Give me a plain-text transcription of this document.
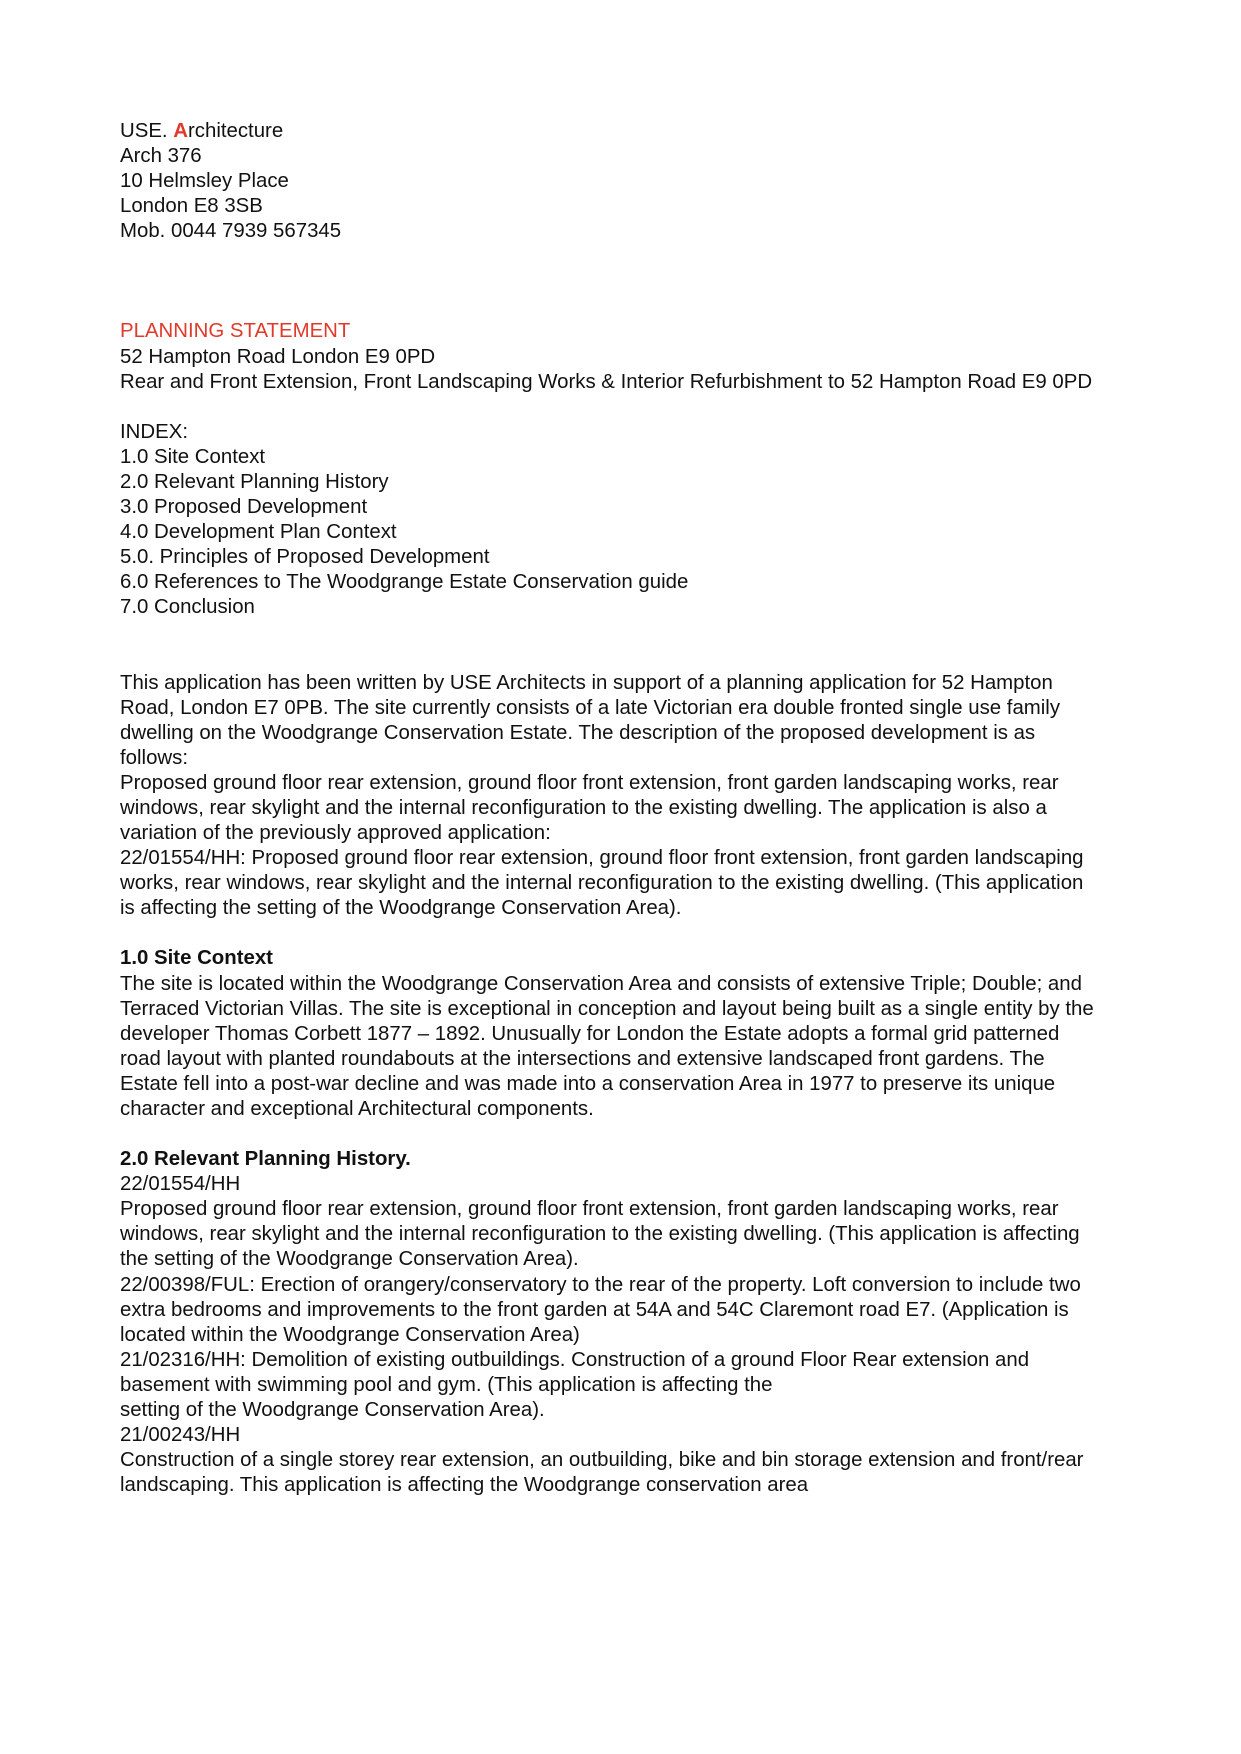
USE. Architecture
Arch 376
10 Helmsley Place
London E8 3SB
Mob. 0044 7939 567345
PLANNING STATEMENT
52 Hampton Road London E9 0PD
Rear and Front Extension, Front Landscaping Works & Interior Refurbishment to 52 Hampton Road E9 0PD
INDEX:
1.0 Site Context
2.0 Relevant Planning History
3.0 Proposed Development
4.0 Development Plan Context
5.0. Principles of Proposed Development
6.0 References to The Woodgrange Estate Conservation guide
7.0 Conclusion
This application has been written by USE Architects in support of a planning application for 52 Hampton
Road, London E7 0PB. The site currently consists of a late Victorian era double fronted single use family
dwelling on the Woodgrange Conservation Estate. The description of the proposed development is as
follows:
Proposed ground floor rear extension, ground floor front extension, front garden landscaping works, rear
windows, rear skylight and the internal reconfiguration to the existing dwelling. The application is also a
variation of the previously approved application:
22/01554/HH: Proposed ground floor rear extension, ground floor front extension, front garden landscaping
works, rear windows, rear skylight and the internal reconfiguration to the existing dwelling. (This application
is affecting the setting of the Woodgrange Conservation Area).
1.0 Site Context
The site is located within the Woodgrange Conservation Area and consists of extensive Triple; Double; and
Terraced Victorian Villas. The site is exceptional in conception and layout being built as a single entity by the
developer Thomas Corbett 1877 – 1892. Unusually for London the Estate adopts a formal grid patterned
road layout with planted roundabouts at the intersections and extensive landscaped front gardens. The
Estate fell into a post-war decline and was made into a conservation Area in 1977 to preserve its unique
character and exceptional Architectural components.
2.0 Relevant Planning History.
22/01554/HH
Proposed ground floor rear extension, ground floor front extension, front garden landscaping works, rear
windows, rear skylight and the internal reconfiguration to the existing dwelling. (This application is affecting
the setting of the Woodgrange Conservation Area).
22/00398/FUL: Erection of orangery/conservatory to the rear of the property. Loft conversion to include two
extra bedrooms and improvements to the front garden at 54A and 54C Claremont road E7. (Application is
located within the Woodgrange Conservation Area)
21/02316/HH: Demolition of existing outbuildings. Construction of a ground Floor Rear extension and
basement with swimming pool and gym. (This application is affecting the
setting of the Woodgrange Conservation Area).
21/00243/HH
Construction of a single storey rear extension, an outbuilding, bike and bin storage extension and front/rear
landscaping. This application is affecting the Woodgrange conservation area
